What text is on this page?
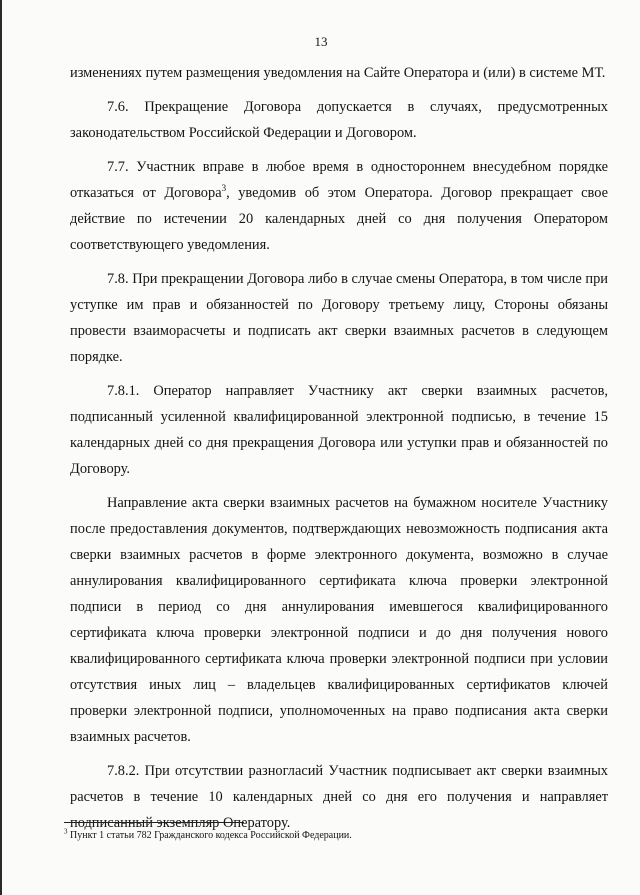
13

изменениях путем размещения уведомления на Сайте Оператора и (или) в системе МТ.

7.6. Прекращение Договора допускается в случаях, предусмотренных законодательством Российской Федерации и Договором.

7.7. Участник вправе в любое время в одностороннем внесудебном порядке отказаться от Договора$^3$, уведомив об этом Оператора. Договор прекращает свое действие по истечении 20 календарных дней со дня получения Оператором соответствующего уведомления.

7.8. При прекращении Договора либо в случае смены Оператора, в том числе при уступке им прав и обязанностей по Договору третьему лицу, Стороны обязаны провести взаиморасчеты и подписать акт сверки взаимных расчетов в следующем порядке.

7.8.1. Оператор направляет Участнику акт сверки взаимных расчетов, подписанный усиленной квалифицированной электронной подписью, в течение 15 календарных дней со дня прекращения Договора или уступки прав и обязанностей по Договору.

Направление акта сверки взаимных расчетов на бумажном носителе Участнику после предоставления документов, подтверждающих невозможность подписания акта сверки взаимных расчетов в форме электронного документа, возможно в случае аннулирования квалифицированного сертификата ключа проверки электронной подписи в период со дня аннулирования имевшегося квалифицированного сертификата ключа проверки электронной подписи и до дня получения нового квалифицированного сертификата ключа проверки электронной подписи при условии отсутствия иных лиц – владельцев квалифицированных сертификатов ключей проверки электронной подписи, уполномоченных на право подписания акта сверки взаимных расчетов.

7.8.2. При отсутствии разногласий Участник подписывает акт сверки взаимных расчетов в течение 10 календарных дней со дня его получения и направляет подписанный экземпляр Оператору.

$^3$ Пункт 1 статьи 782 Гражданского кодекса Российской Федерации.
